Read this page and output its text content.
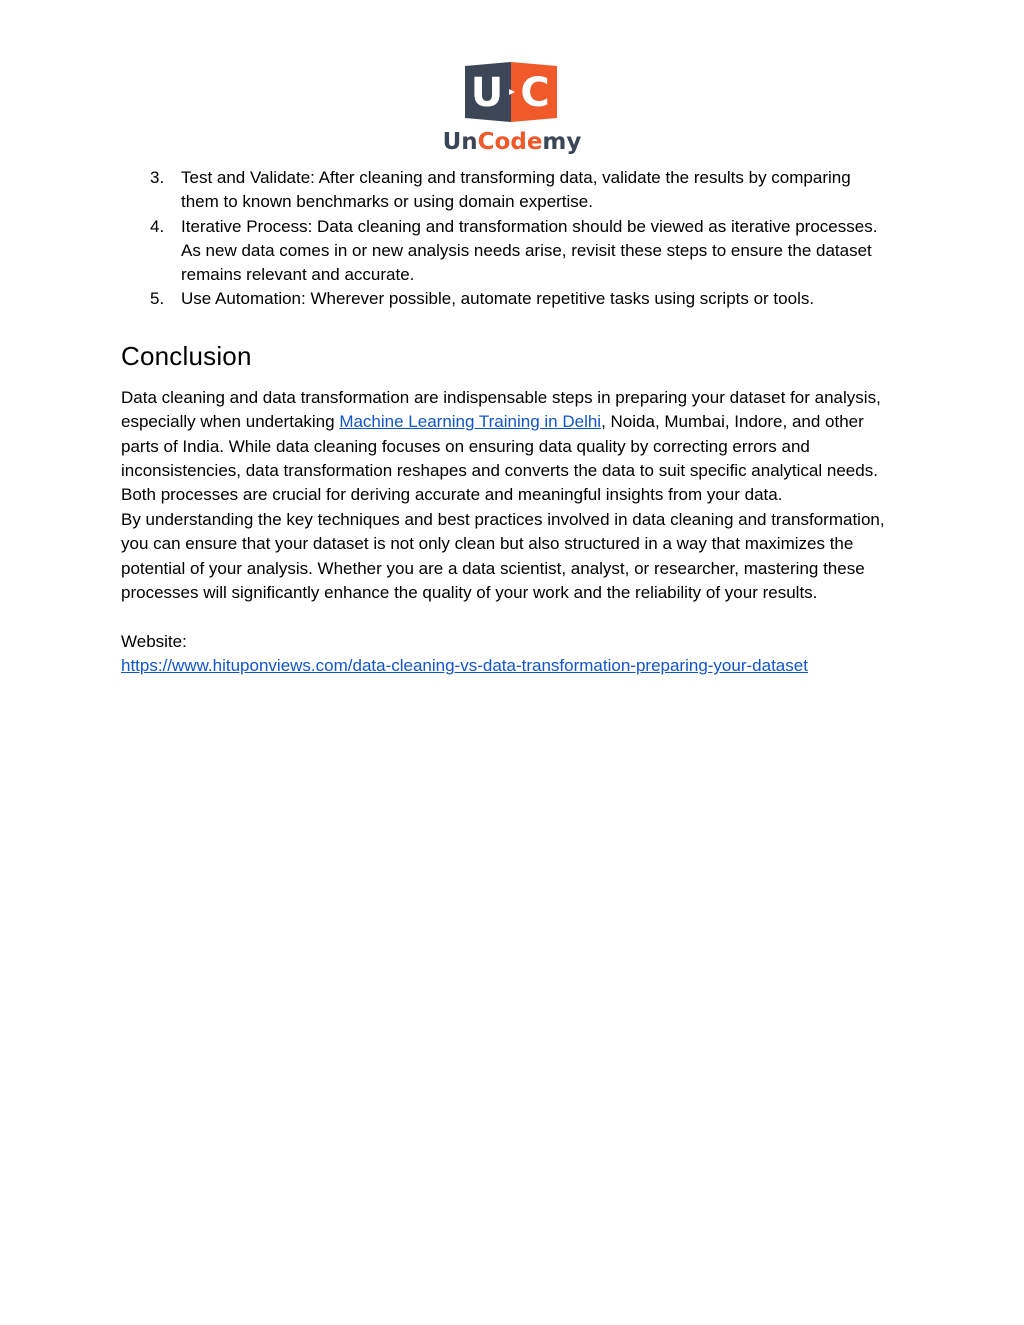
U C
UnCodemy
3. Test and Validate: After cleaning and transforming data, validate the results by comparing them to known benchmarks or using domain expertise.
4. Iterative Process: Data cleaning and transformation should be viewed as iterative processes. As new data comes in or new analysis needs arise, revisit these steps to ensure the dataset remains relevant and accurate.
5. Use Automation: Wherever possible, automate repetitive tasks using scripts or tools.
Conclusion

Data cleaning and data transformation are indispensable steps in preparing your dataset for analysis, especially when undertaking Machine Learning Training in Delhi, Noida, Mumbai, Indore, and other parts of India. While data cleaning focuses on ensuring data quality by correcting errors and inconsistencies, data transformation reshapes and converts the data to suit specific analytical needs. Both processes are crucial for deriving accurate and meaningful insights from your data.

By understanding the key techniques and best practices involved in data cleaning and transformation, you can ensure that your dataset is not only clean but also structured in a way that maximizes the potential of your analysis. Whether you are a data scientist, analyst, or researcher, mastering these processes will significantly enhance the quality of your work and the reliability of your results.

Website:
https://www.hituponviews.com/data-cleaning-vs-data-transformation-preparing-your-dataset
